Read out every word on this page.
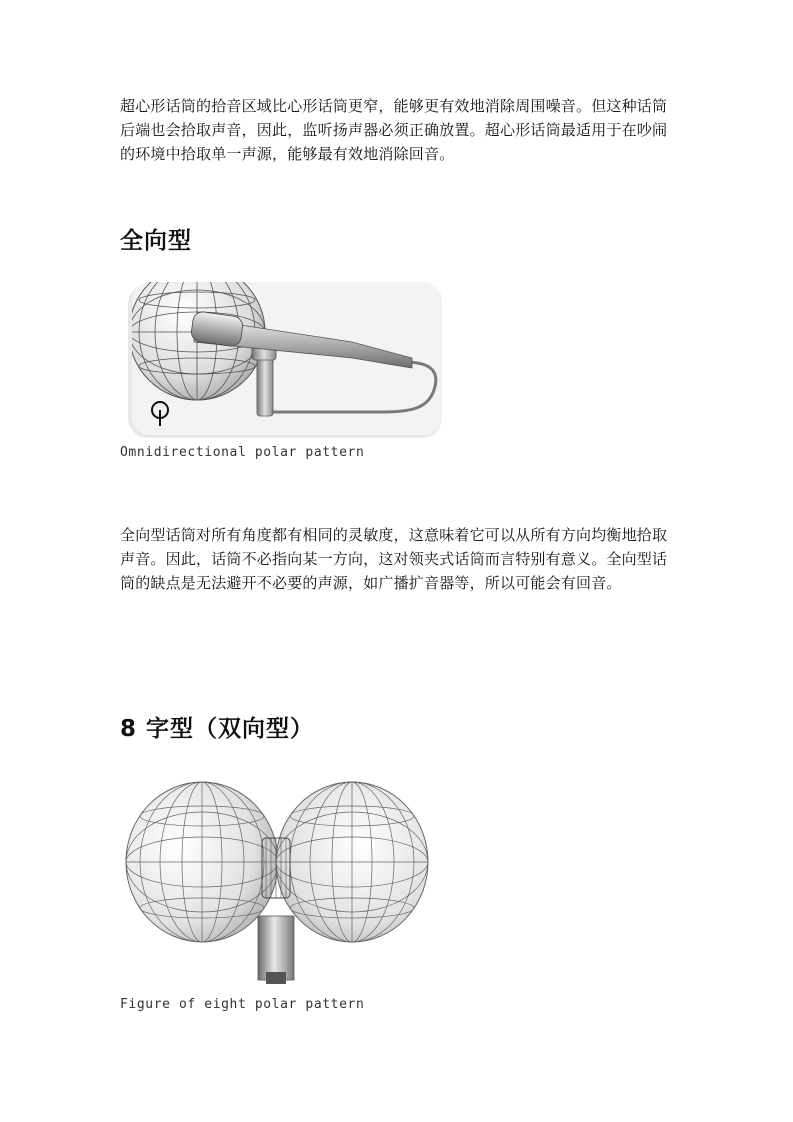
超心形话筒的拾音区域比心形话筒更窄，能够更有效地消除周围噪音。但这种话筒后端也会拾取声音，因此，监听扬声器必须正确放置。超心形话筒最适用于在吵闹的环境中拾取单一声源，能够最有效地消除回音。

全向型

Omnidirectional polar pattern

全向型话筒对所有角度都有相同的灵敏度，这意味着它可以从所有方向均衡地拾取声音。因此，话筒不必指向某一方向，这对领夹式话筒而言特别有意义。全向型话筒的缺点是无法避开不必要的声源，如广播扩音器等，所以可能会有回音。

8 字型（双向型）

Figure of eight polar pattern
